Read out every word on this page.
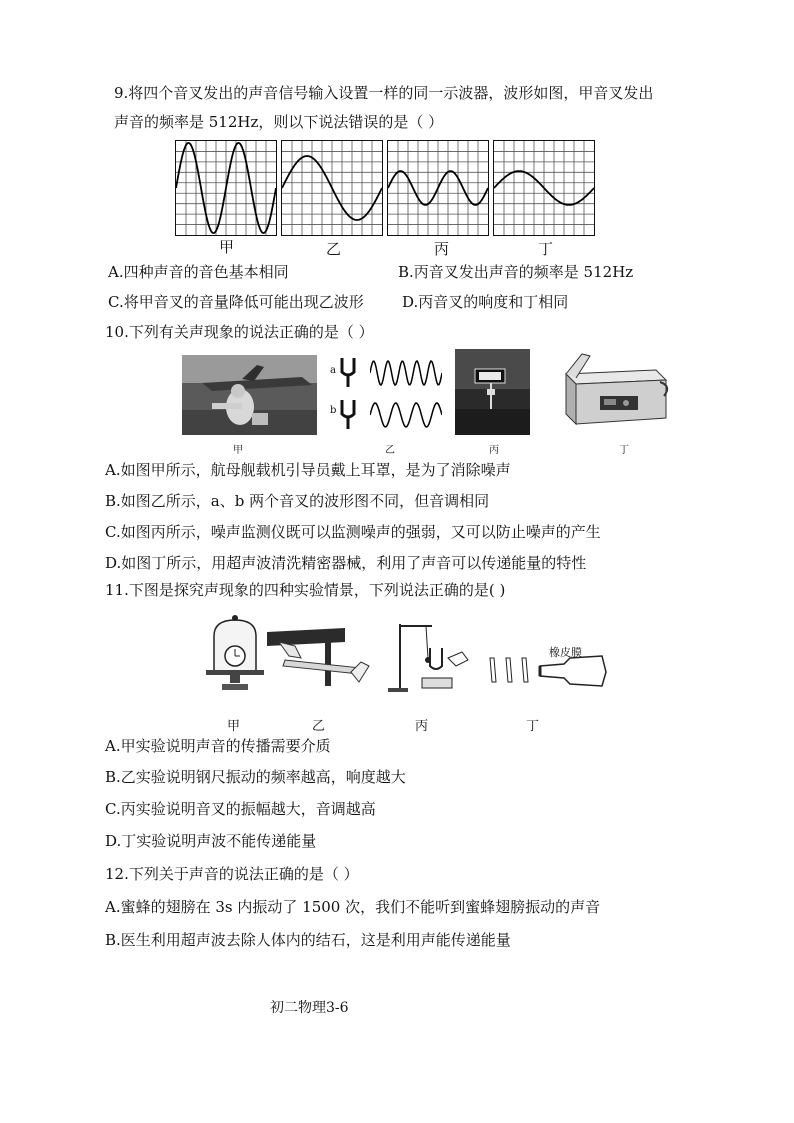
9.将四个音叉发出的声音信号输入设置一样的同一示波器，波形如图，甲音叉发出
声音的频率是 512Hz，则以下说法错误的是（ ）
甲	乙	丙	丁
A.四种声音的音色基本相同	B.丙音叉发出声音的频率是 512Hz
C.将甲音叉的音量降低可能出现乙波形	D.丙音叉的响度和丁相同
10.下列有关声现象的说法正确的是（ ）
甲
a
b
乙	丙	丁
A.如图甲所示，航母舰载机引导员戴上耳罩，是为了消除噪声
B.如图乙所示，a、b 两个音叉的波形图不同，但音调相同
C.如图丙所示，噪声监测仪既可以监测噪声的强弱，又可以防止噪声的产生
D.如图丁所示，用超声波清洗精密器械，利用了声音可以传递能量的特性
11.下图是探究声现象的四种实验情景，下列说法正确的是( )
甲	乙	丙
橡皮膜
丁
A.甲实验说明声音的传播需要介质
B.乙实验说明钢尺振动的频率越高，响度越大
C.丙实验说明音叉的振幅越大，音调越高
D.丁实验说明声波不能传递能量
12.下列关于声音的说法正确的是（ ）
A.蜜蜂的翅膀在 3s 内振动了 1500 次，我们不能听到蜜蜂翅膀振动的声音
B.医生利用超声波去除人体内的结石，这是利用声能传递能量
初二物理3-6
